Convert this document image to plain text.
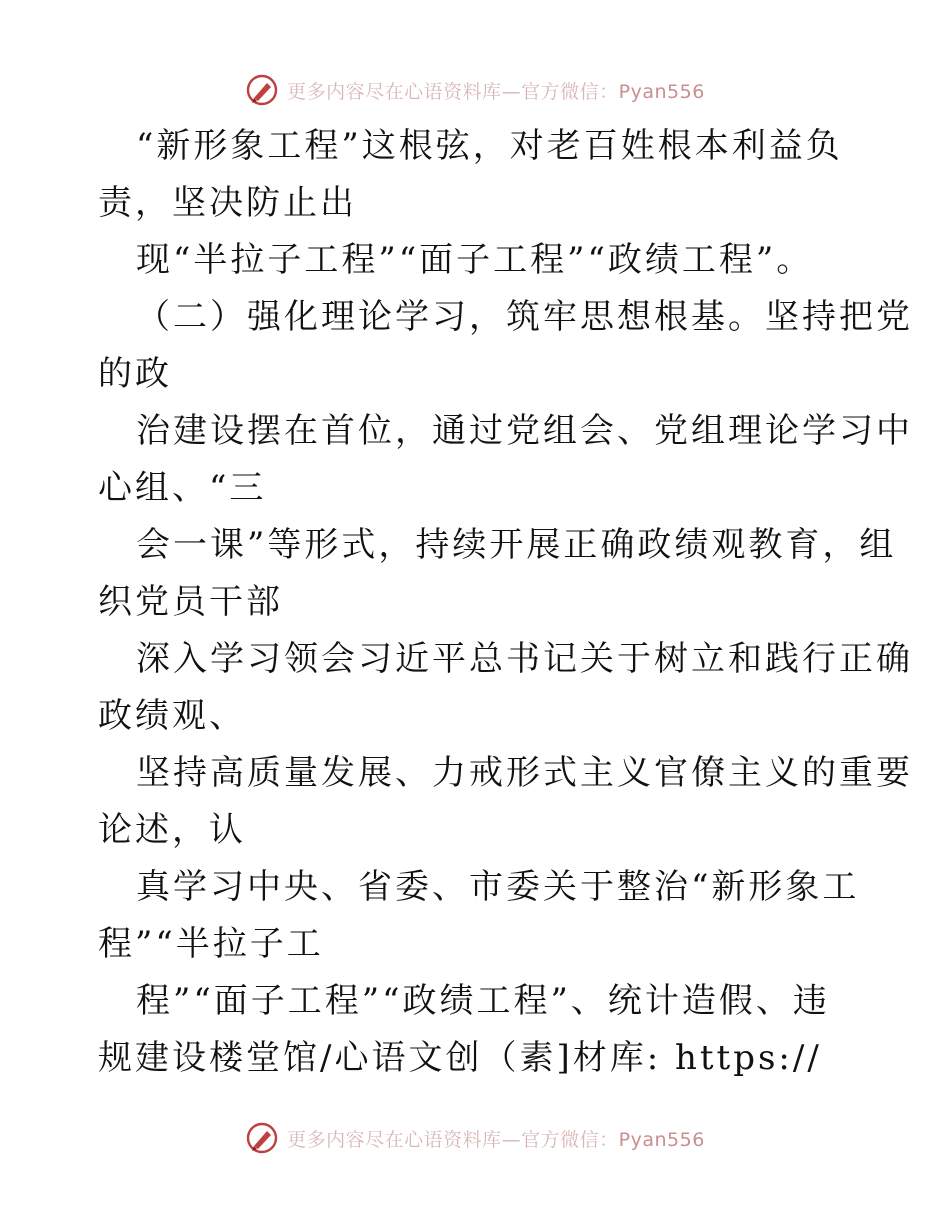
更多内容尽在心语资料库—官方微信：Pyan556
“新形象工程”这根弦，对老百姓根本利益负
责，坚决防止出
现“半拉子工程”“面子工程”“政绩工程”。
（二）强化理论学习，筑牢思想根基。坚持把党
的政
治建设摆在首位，通过党组会、党组理论学习中
心组、“三
会一课”等形式，持续开展正确政绩观教育，组
织党员干部
深入学习领会习近平总书记关于树立和践行正确
政绩观、
坚持高质量发展、力戒形式主义官僚主义的重要
论述，认
真学习中央、省委、市委关于整治“新形象工
程”“半拉子工
程”“面子工程”“政绩工程”、统计造假、违
规建设楼堂馆/心语文创（素]材库: https://
更多内容尽在心语资料库—官方微信：Pyan556
